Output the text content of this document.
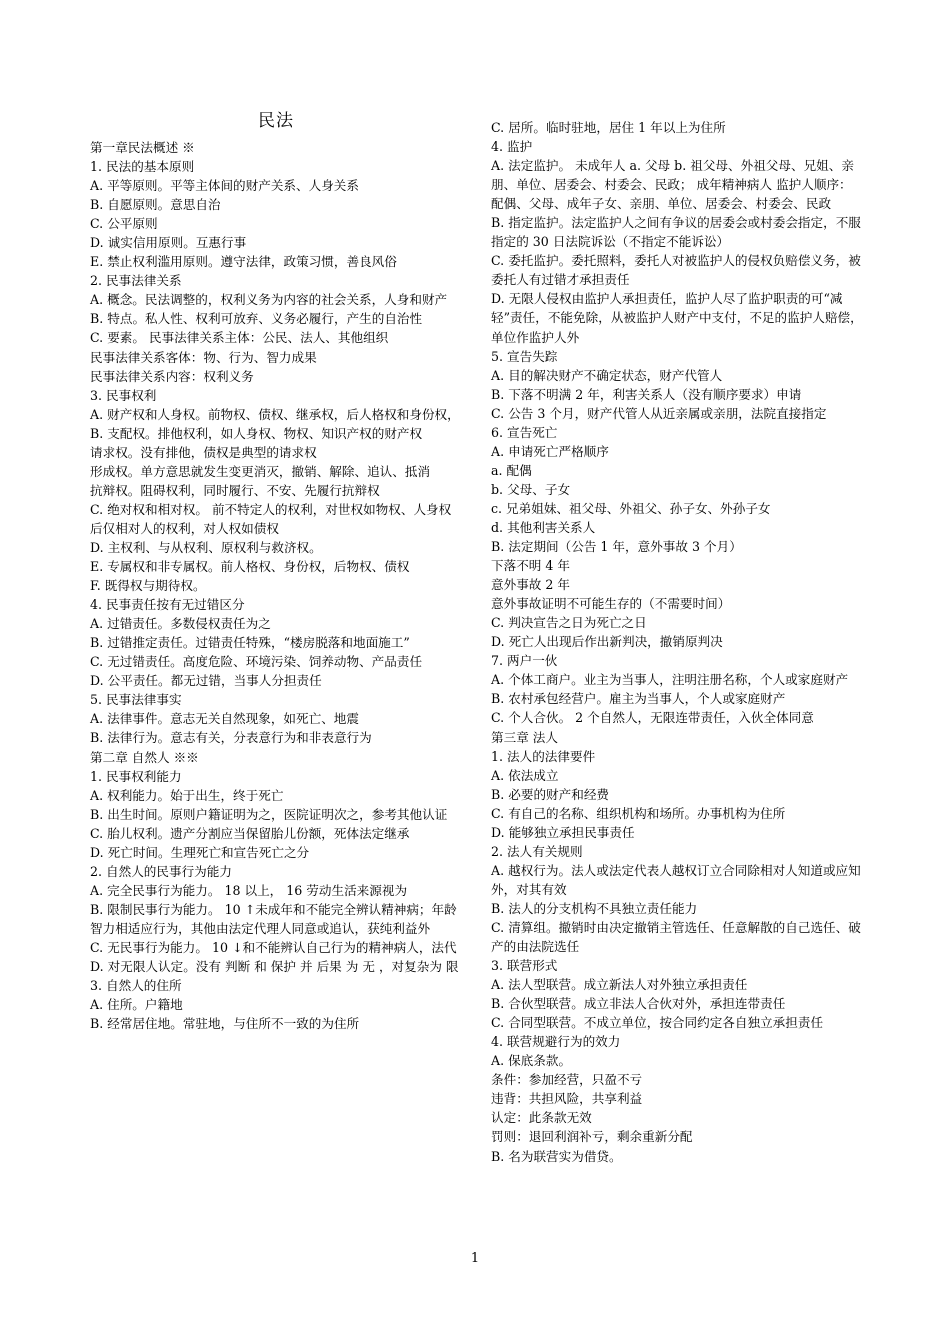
民法
第一章民法概述 ※
1. 民法的基本原则
A. 平等原则。平等主体间的财产关系、人身关系
B. 自愿原则。意思自治
C. 公平原则
D. 诚实信用原则。互惠行事
E. 禁止权利滥用原则。遵守法律，政策习惯，善良风俗
2. 民事法律关系
A. 概念。民法调整的，权利义务为内容的社会关系，人身和财产
B. 特点。私人性、权利可放弃、义务必履行，产生的自治性
C. 要素。 民事法律关系主体：公民、法人、其他组织
民事法律关系客体：物、行为、智力成果
民事法律关系内容：权利义务
3. 民事权利
A. 财产权和人身权。前物权、债权、继承权，后人格权和身份权，
B. 支配权。排他权利，如人身权、物权、知识产权的财产权
请求权。没有排他，债权是典型的请求权
形成权。单方意思就发生变更消灭，撤销、解除、追认、抵消
抗辩权。阻碍权利，同时履行、不安、先履行抗辩权
C. 绝对权和相对权。 前不特定人的权利，对世权如物权、人身权
后仅相对人的权利，对人权如债权
D. 主权利、与从权利、原权利与救济权。
E. 专属权和非专属权。前人格权、身份权，后物权、债权
F. 既得权与期待权。
4. 民事责任按有无过错区分
A. 过错责任。多数侵权责任为之
B. 过错推定责任。过错责任特殊，“楼房脱落和地面施工”
C. 无过错责任。高度危险、环境污染、饲养动物、产品责任
D. 公平责任。都无过错，当事人分担责任
5. 民事法律事实
A. 法律事件。意志无关自然现象，如死亡、地震
B. 法律行为。意志有关，分表意行为和非表意行为
第二章 自然人 ※※
1. 民事权利能力
A. 权利能力。始于出生，终于死亡
B. 出生时间。原则户籍证明为之，医院证明次之，参考其他认证
C. 胎儿权利。遗产分割应当保留胎儿份额，死体法定继承
D. 死亡时间。生理死亡和宣告死亡之分
2. 自然人的民事行为能力
A. 完全民事行为能力。 18 以上， 16 劳动生活来源视为
B. 限制民事行为能力。 10 ↑未成年和不能完全辨认精神病；年龄智力相适应行为，其他由法定代理人同意或追认，获纯利益外
C. 无民事行为能力。 10 ↓和不能辨认自己行为的精神病人，法代
D. 对无限人认定。没有 判断 和 保护 并 后果 为 无 ，对复杂为 限
3. 自然人的住所
A. 住所。户籍地
B. 经常居住地。常驻地，与住所不一致的为住所
C. 居所。临时驻地，居住 1 年以上为住所
4. 监护
A. 法定监护。 未成年人 a. 父母 b. 祖父母、外祖父母、兄姐、亲朋、单位、居委会、村委会、民政； 成年精神病人 监护人顺序：配偶、父母、成年子女、亲朋、单位、居委会、村委会、民政
B. 指定监护。法定监护人之间有争议的居委会或村委会指定，不服指定的 30 日法院诉讼（不指定不能诉讼）
C. 委托监护。委托照料，委托人对被监护人的侵权负赔偿义务，被委托人有过错才承担责任
D. 无限人侵权由监护人承担责任，监护人尽了监护职责的可“减轻”责任，不能免除，从被监护人财产中支付，不足的监护人赔偿，单位作监护人外
5. 宣告失踪
A. 目的解决财产不确定状态，财产代管人
B. 下落不明满 2 年，利害关系人（没有顺序要求）申请
C. 公告 3 个月，财产代管人从近亲属或亲朋，法院直接指定
6. 宣告死亡
A. 申请死亡严格顺序
a. 配偶
b. 父母、子女
c. 兄弟姐妹、祖父母、外祖父、孙子女、外孙子女
d. 其他利害关系人
B. 法定期间（公告 1 年，意外事故 3 个月）
下落不明 4 年
意外事故 2 年
意外事故证明不可能生存的（不需要时间）
C. 判决宣告之日为死亡之日
D. 死亡人出现后作出新判决，撤销原判决
7. 两户一伙
A. 个体工商户。业主为当事人，注明注册名称，个人或家庭财产
B. 农村承包经营户。雇主为当事人，个人或家庭财产
C. 个人合伙。 2 个自然人，无限连带责任，入伙全体同意
第三章 法人
1. 法人的法律要件
A. 依法成立
B. 必要的财产和经费
C. 有自己的名称、组织机构和场所。办事机构为住所
D. 能够独立承担民事责任
2. 法人有关规则
A. 越权行为。法人或法定代表人越权订立合同除相对人知道或应知外，对其有效
B. 法人的分支机构不具独立责任能力
C. 清算组。撤销时由决定撤销主管选任、任意解散的自己选任、破产的由法院选任
3. 联营形式
A. 法人型联营。成立新法人对外独立承担责任
B. 合伙型联营。成立非法人合伙对外，承担连带责任
C. 合同型联营。不成立单位，按合同约定各自独立承担责任
4. 联营规避行为的效力
A. 保底条款。
条件：参加经营，只盈不亏
违背：共担风险，共享利益
认定：此条款无效
罚则：退回利润补亏，剩余重新分配
B. 名为联营实为借贷。
1
